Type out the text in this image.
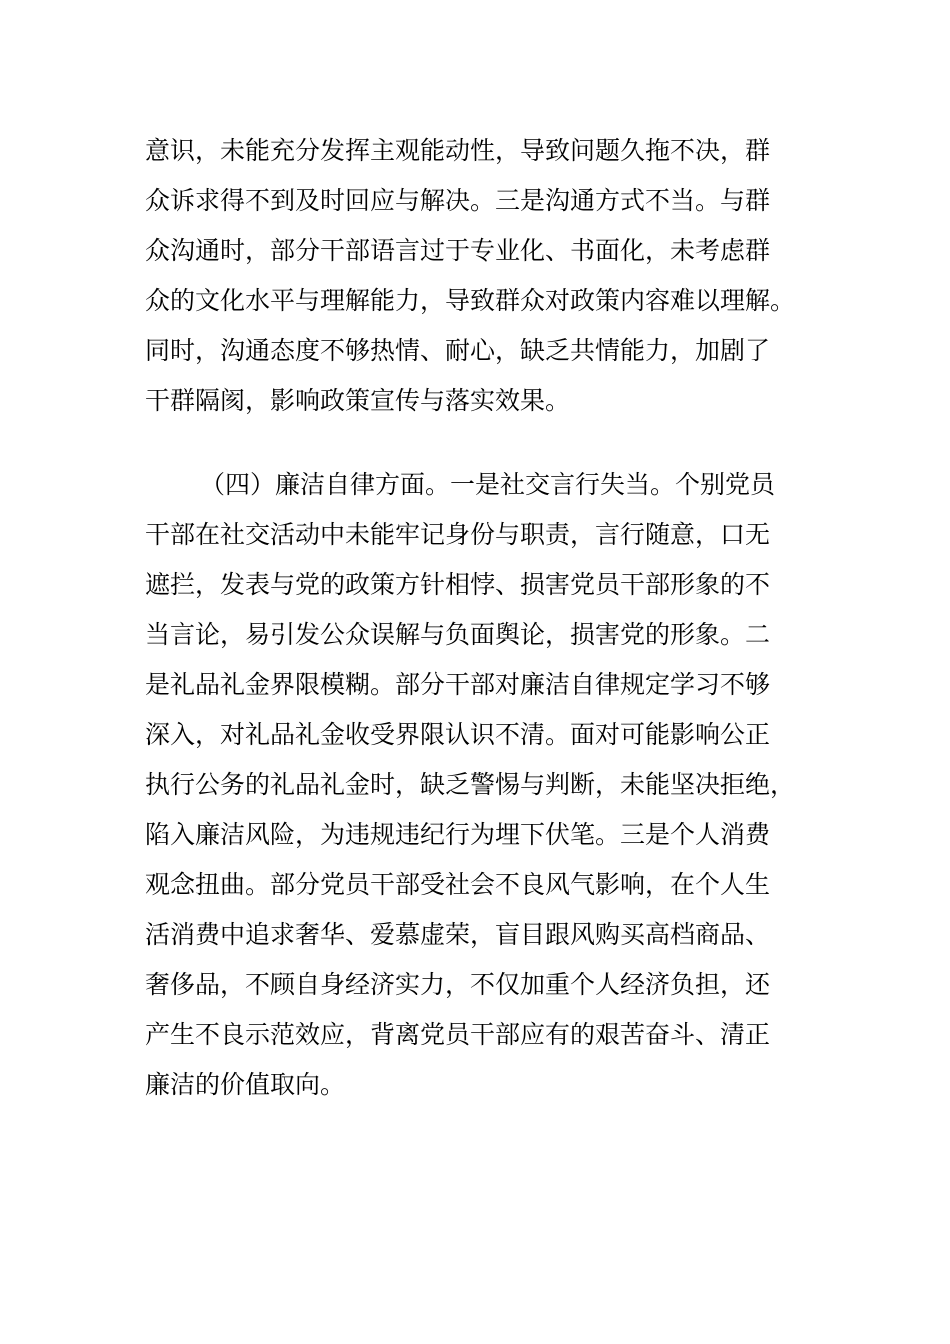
意识，未能充分发挥主观能动性，导致问题久拖不决，群

众诉求得不到及时回应与解决。三是沟通方式不当。与群

众沟通时，部分干部语言过于专业化、书面化，未考虑群

众的文化水平与理解能力，导致群众对政策内容难以理解。

同时，沟通态度不够热情、耐心，缺乏共情能力，加剧了

干群隔阂，影响政策宣传与落实效果。

（四）廉洁自律方面。一是社交言行失当。个别党员

干部在社交活动中未能牢记身份与职责，言行随意，口无

遮拦，发表与党的政策方针相悖、损害党员干部形象的不

当言论，易引发公众误解与负面舆论，损害党的形象。二

是礼品礼金界限模糊。部分干部对廉洁自律规定学习不够

深入，对礼品礼金收受界限认识不清。面对可能影响公正

执行公务的礼品礼金时，缺乏警惕与判断，未能坚决拒绝，

陷入廉洁风险，为违规违纪行为埋下伏笔。三是个人消费

观念扭曲。部分党员干部受社会不良风气影响，在个人生

活消费中追求奢华、爱慕虚荣，盲目跟风购买高档商品、

奢侈品，不顾自身经济实力，不仅加重个人经济负担，还

产生不良示范效应，背离党员干部应有的艰苦奋斗、清正

廉洁的价值取向。
